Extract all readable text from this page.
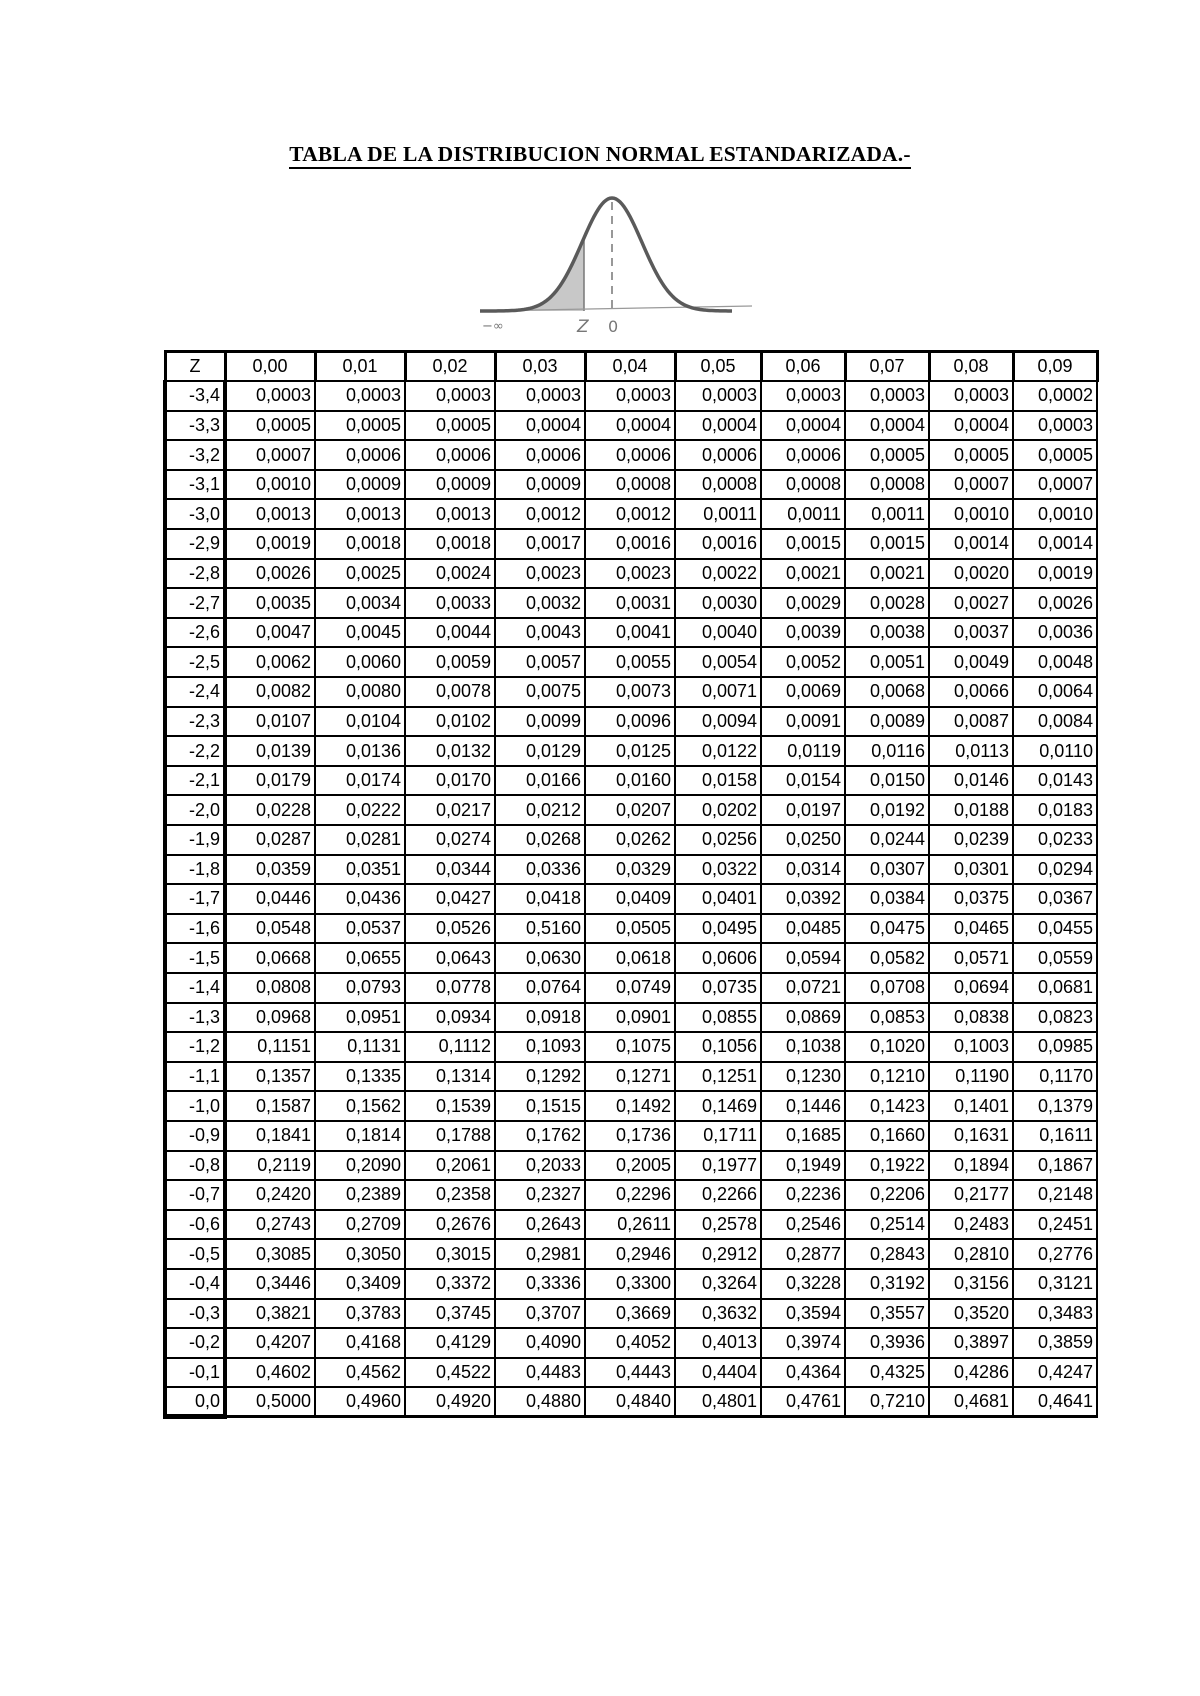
TABLA DE LA DISTRIBUCION NORMAL ESTANDARIZADA.-
−∞	Z 0
Z	0,00	0,01	0,02	0,03	0,04	0,05	0,06	0,07	0,08	0,09
-3,4	0,0003	0,0003	0,0003	0,0003	0,0003	0,0003	0,0003	0,0003	0,0003	0,0002
-3,3	0,0005	0,0005	0,0005	0,0004	0,0004	0,0004	0,0004	0,0004	0,0004	0,0003
-3,2	0,0007	0,0006	0,0006	0,0006	0,0006	0,0006	0,0006	0,0005	0,0005	0,0005
-3,1	0,0010	0,0009	0,0009	0,0009	0,0008	0,0008	0,0008	0,0008	0,0007	0,0007
-3,0	0,0013	0,0013	0,0013	0,0012	0,0012	0,0011	0,0011	0,0011	0,0010	0,0010
-2,9	0,0019	0,0018	0,0018	0,0017	0,0016	0,0016	0,0015	0,0015	0,0014	0,0014
-2,8	0,0026	0,0025	0,0024	0,0023	0,0023	0,0022	0,0021	0,0021	0,0020	0,0019
-2,7	0,0035	0,0034	0,0033	0,0032	0,0031	0,0030	0,0029	0,0028	0,0027	0,0026
-2,6	0,0047	0,0045	0,0044	0,0043	0,0041	0,0040	0,0039	0,0038	0,0037	0,0036
-2,5	0,0062	0,0060	0,0059	0,0057	0,0055	0,0054	0,0052	0,0051	0,0049	0,0048
-2,4	0,0082	0,0080	0,0078	0,0075	0,0073	0,0071	0,0069	0,0068	0,0066	0,0064
-2,3	0,0107	0,0104	0,0102	0,0099	0,0096	0,0094	0,0091	0,0089	0,0087	0,0084
-2,2	0,0139	0,0136	0,0132	0,0129	0,0125	0,0122	0,0119	0,0116	0,0113	0,0110
-2,1	0,0179	0,0174	0,0170	0,0166	0,0160	0,0158	0,0154	0,0150	0,0146	0,0143
-2,0	0,0228	0,0222	0,0217	0,0212	0,0207	0,0202	0,0197	0,0192	0,0188	0,0183
-1,9	0,0287	0,0281	0,0274	0,0268	0,0262	0,0256	0,0250	0,0244	0,0239	0,0233
-1,8	0,0359	0,0351	0,0344	0,0336	0,0329	0,0322	0,0314	0,0307	0,0301	0,0294
-1,7	0,0446	0,0436	0,0427	0,0418	0,0409	0,0401	0,0392	0,0384	0,0375	0,0367
-1,6	0,0548	0,0537	0,0526	0,5160	0,0505	0,0495	0,0485	0,0475	0,0465	0,0455
-1,5	0,0668	0,0655	0,0643	0,0630	0,0618	0,0606	0,0594	0,0582	0,0571	0,0559
-1,4	0,0808	0,0793	0,0778	0,0764	0,0749	0,0735	0,0721	0,0708	0,0694	0,0681
-1,3	0,0968	0,0951	0,0934	0,0918	0,0901	0,0855	0,0869	0,0853	0,0838	0,0823
-1,2	0,1151	0,1131	0,1112	0,1093	0,1075	0,1056	0,1038	0,1020	0,1003	0,0985
-1,1	0,1357	0,1335	0,1314	0,1292	0,1271	0,1251	0,1230	0,1210	0,1190	0,1170
-1,0	0,1587	0,1562	0,1539	0,1515	0,1492	0,1469	0,1446	0,1423	0,1401	0,1379
-0,9	0,1841	0,1814	0,1788	0,1762	0,1736	0,1711	0,1685	0,1660	0,1631	0,1611
-0,8	0,2119	0,2090	0,2061	0,2033	0,2005	0,1977	0,1949	0,1922	0,1894	0,1867
-0,7	0,2420	0,2389	0,2358	0,2327	0,2296	0,2266	0,2236	0,2206	0,2177	0,2148
-0,6	0,2743	0,2709	0,2676	0,2643	0,2611	0,2578	0,2546	0,2514	0,2483	0,2451
-0,5	0,3085	0,3050	0,3015	0,2981	0,2946	0,2912	0,2877	0,2843	0,2810	0,2776
-0,4	0,3446	0,3409	0,3372	0,3336	0,3300	0,3264	0,3228	0,3192	0,3156	0,3121
-0,3	0,3821	0,3783	0,3745	0,3707	0,3669	0,3632	0,3594	0,3557	0,3520	0,3483
-0,2	0,4207	0,4168	0,4129	0,4090	0,4052	0,4013	0,3974	0,3936	0,3897	0,3859
-0,1	0,4602	0,4562	0,4522	0,4483	0,4443	0,4404	0,4364	0,4325	0,4286	0,4247
0,0	0,5000	0,4960	0,4920	0,4880	0,4840	0,4801	0,4761	0,7210	0,4681	0,4641
